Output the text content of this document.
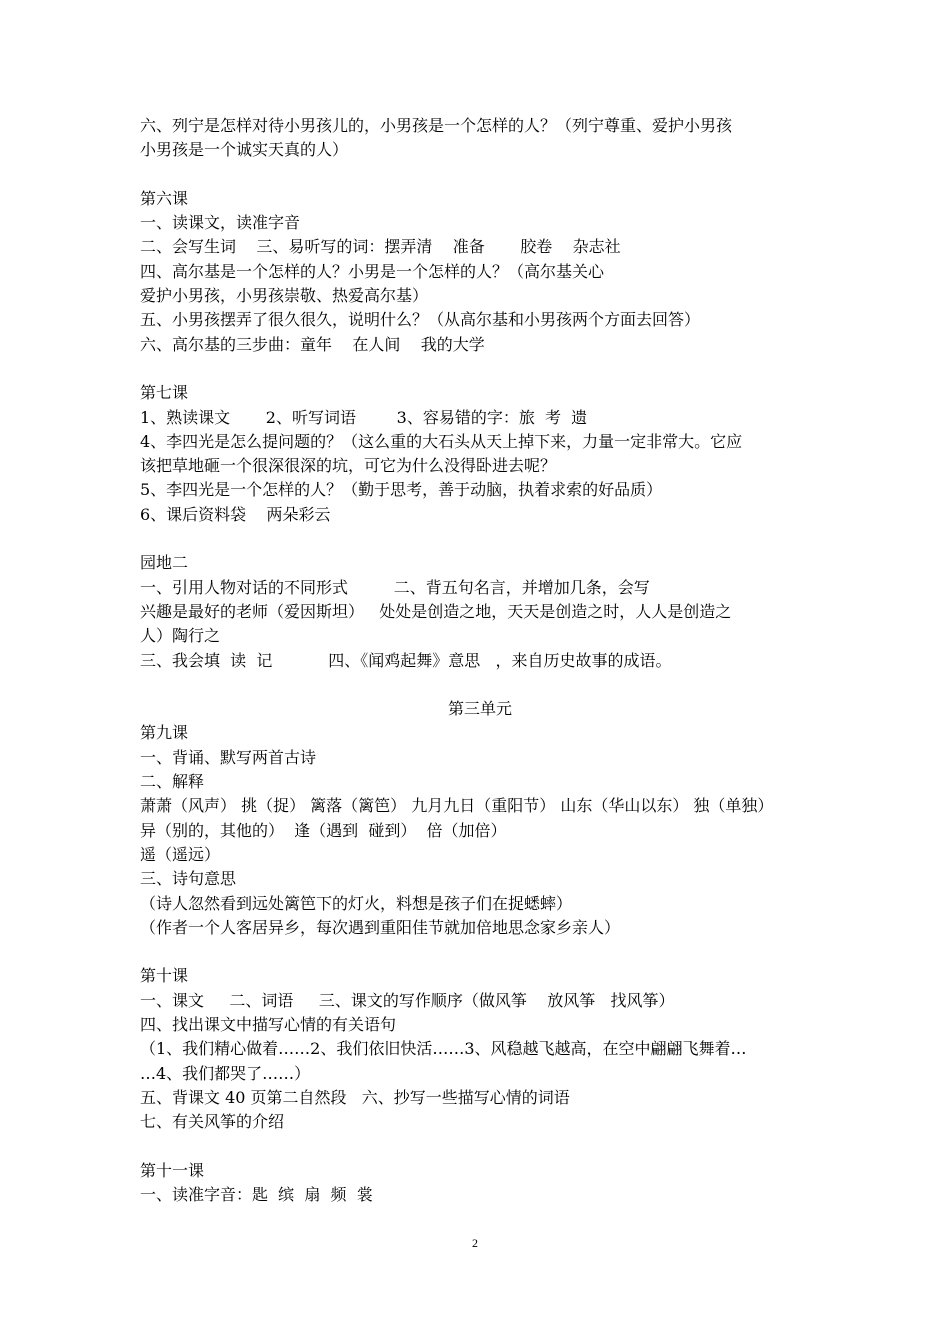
六、列宁是怎样对待小男孩儿的，小男孩是一个怎样的人？（列宁尊重、爱护小男孩
小男孩是一个诚实天真的人）
第六课
一、读课文，读准字音
二、会写生词    三、易听写的词：摆弄清    准备       胶卷    杂志社
四、高尔基是一个怎样的人？小男是一个怎样的人？（高尔基关心
爱护小男孩，小男孩崇敬、热爱高尔基）
五、小男孩摆弄了很久很久，说明什么？（从高尔基和小男孩两个方面去回答）
六、高尔基的三步曲：童年    在人间    我的大学
第七课
1、熟读课文       2、听写词语        3、容易错的字：旅  考  遗
4、李四光是怎么提问题的？（这么重的大石头从天上掉下来，力量一定非常大。它应
该把草地砸一个很深很深的坑，可它为什么没得卧进去呢？
5、李四光是一个怎样的人？（勤于思考，善于动脑，执着求索的好品质）
6、课后资料袋    两朵彩云
园地二
一、引用人物对话的不同形式         二、背五句名言，并增加几条，会写
兴趣是最好的老师（爱因斯坦）   处处是创造之地，天天是创造之时，人人是创造之
人）陶行之
三、我会填  读  记           四、《闻鸡起舞》意思   ，来自历史故事的成语。
第三单元
第九课
一、背诵、默写两首古诗
二、解释
萧萧（风声） 挑（捉） 篱落（篱笆） 九月九日（重阳节） 山东（华山以东） 独（单独）
异（别的，其他的）  逢（遇到  碰到）  倍（加倍）
遥（遥远）
三、诗句意思
（诗人忽然看到远处篱笆下的灯火，料想是孩子们在捉蟋蟀）
（作者一个人客居异乡，每次遇到重阳佳节就加倍地思念家乡亲人）
第十课
一、课文     二、词语     三、课文的写作顺序（做风筝    放风筝   找风筝）
四、找出课文中描写心情的有关语句
（1、我们精心做着……2、我们依旧快活……3、风稳越飞越高，在空中翩翩飞舞着…
…4、我们都哭了……）
五、背课文 40 页第二自然段   六、抄写一些描写心情的词语
七、有关风筝的介绍
第十一课
一、读准字音：匙  缤  扇  频  裳
2
